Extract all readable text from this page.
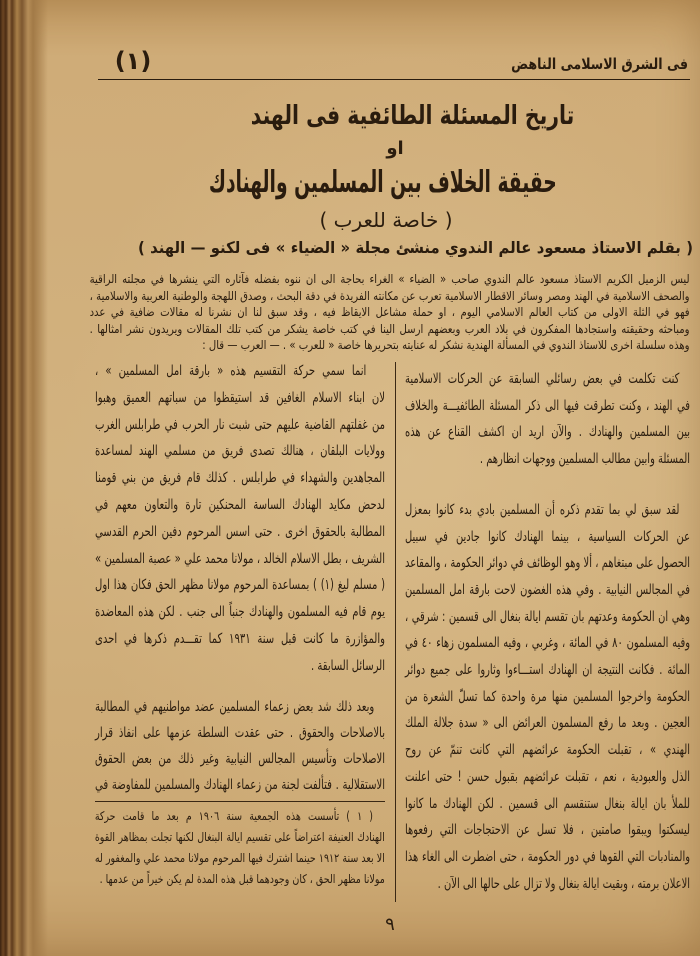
فى الشرق الاسلامى الناهض
(١)
تاريخ المسئلة الطائفية فى الهند
او
حقيقة الخلاف بين المسلمين والهنادك
( خاصة للعرب )
( بقلم الاستاذ مسعود عالم الندوي منشئ مجلة « الضياء » فى لكنو — الهند )
ليس الزميل الكريم الاستاذ مسعود عالم الندوي صاحب « الضياء » الغراء بحاجة الى ان ننوه بفضله فآثاره التي ينشرها في مجلته الراقية
والصحف الاسلامية في الهند ومصر وسائر الاقطار الاسلامية تعرب عن مكانته الفريدة في دقة البحث ، وصدق اللهجة والوطنية العربية والاسلامية ،
فهو في الثلة الاولى من كتاب العالم الاسلامي اليوم ، او حملة مشاعل الايقاظ فيه ، وقد سبق لنا ان نشرنا له مقالات ضافية في عدد
ومباحثه وحقيقته واستجادها المفكرون في بلاد العرب وبعضهم ارسل الينا في كتب خاصة يشكر من كتب تلك المقالات ويريدون نشر امثالها .
وهذه سلسلة اخرى للاستاذ الندوي في المسألة الهندية نشكر له عنايته بتحريرها خاصة « للعرب » . — العرب — قال :
كنت تكلمت في بعض رسائلي السابقة عن الحركات الاسلامية
في الهند ، وكنت تطرقت فيها الى ذكر المسئلة الطائفيـــة والخلاف
بين المسلمين والهنادك . والآن اريد ان اكشف القناع عن هذه
المسئلة وابين مطالب المسلمين ووجهات انظارهم .
لقد سبق لي بما تقدم ذكره أن المسلمين بادي بدء كانوا بمعزل
عن الحركات السياسية ، بينما الهنادك كانوا جادين في سبيل
الحصول على مبتغاهم ، ألا وهو الوظائف في دوائر الحكومة ، والمقاعد
في المجالس النيابية . وفي هذه الغضون لاحت بارقة امل المسلمين
وهي ان الحكومة وعدتهم بان تقسم ايالة بنغال الى قسمين : شرقي ،
وفيه المسلمون ٨٠ في المائة ، وغربي ، وفيه المسلمون زهاء ٤٠ في
المائة . فكانت النتيجة ان الهنادك استـــاءوا وثاروا على جميع دوائر
الحكومة واخرجوا المسلمين منها مرة واحدة كما تسلّ الشعرة من
العجين . وبعد ما رفع المسلمون العرائض الى « سدة جلالة الملك
الهندي » ، تقبلت الحكومة عرائضهم التي كانت تنمّ عن روح
الذل والعبودية ، نعم ، تقبلت عرائضهم بقبول حسن ! حتى اعلنت
للملأ بان ايالة بنغال ستنقسم الى قسمين . لكن الهنادك ما كانوا
ليسكتوا ويبقوا صامتين ، فلا تسل عن الاحتجاجات التي رفعوها
والمنادبات التي القوها في دور الحكومة ، حتى اضطرت الى الغاء هذا
الاعلان برمته ، وبقيت ايالة بنغال ولا تزال على حالها الى الآن .
انما سمي حركة التقسيم هذه « بارقة امل المسلمين » ،
لان ابناء الاسلام الغافين قد استيقظوا من سباتهم العميق وهبوا
من غفلتهم القاضية عليهم حتى شبت نار الحرب في طرابلس الغرب
وولايات البلقان ، هنالك تصدى فريق من مسلمي الهند لمساعدة
المجاهدين والشهداء في طرابلس . كذلك قام فريق من بني قومنا
لدحض مكايد الهنادك الساسة المحنكين تارة والتعاون معهم في
المطالبة بالحقوق اخرى . حتى اسس المرحوم دفين الحرم القدسي
الشريف ، بطل الاسلام الخالد ، مولانا محمد علي « عصبة المسلمين »
( مسلم ليغ (١) ) بمساعدة المرحوم مولانا مظهر الحق فكان هذا اول
يوم قام فيه المسلمون والهنادك جنباً الى جنب . لكن هذه المعاضدة
والمؤازرة ما كانت قبل سنة ١٩٣١ كما تقـــدم ذكرها في احدى
الرسائل السابقة .
وبعد ذلك شد بعض زعماء المسلمين عضد مواطنيهم في المطالبة
بالاصلاحات والحقوق . حتى عقدت السلطة عزمها على انفاذ قرار
الاصلاحات وتأسيس المجالس النيابية وغير ذلك من بعض الحقوق
الاستقلالية . فتألفت لجنة من زعماء الهنادك والمسلمين للمفاوضة في
( ١ ) تأسست هذه الجمعية سنة ١٩٠٦ م بعد ما قامت حركة
الهنادك العنيفة اعتراضاً على تقسيم ايالة البنغال لكنها تجلت بمظاهر القوة
الا بعد سنة ١٩١٢ حينما اشترك فيها المرحوم مولانا محمد علي والمغفور له
مولانا مظهر الحق ، كان وجودهما قبل هذه المدة لم يكن خيراً من عدمها .
٩
